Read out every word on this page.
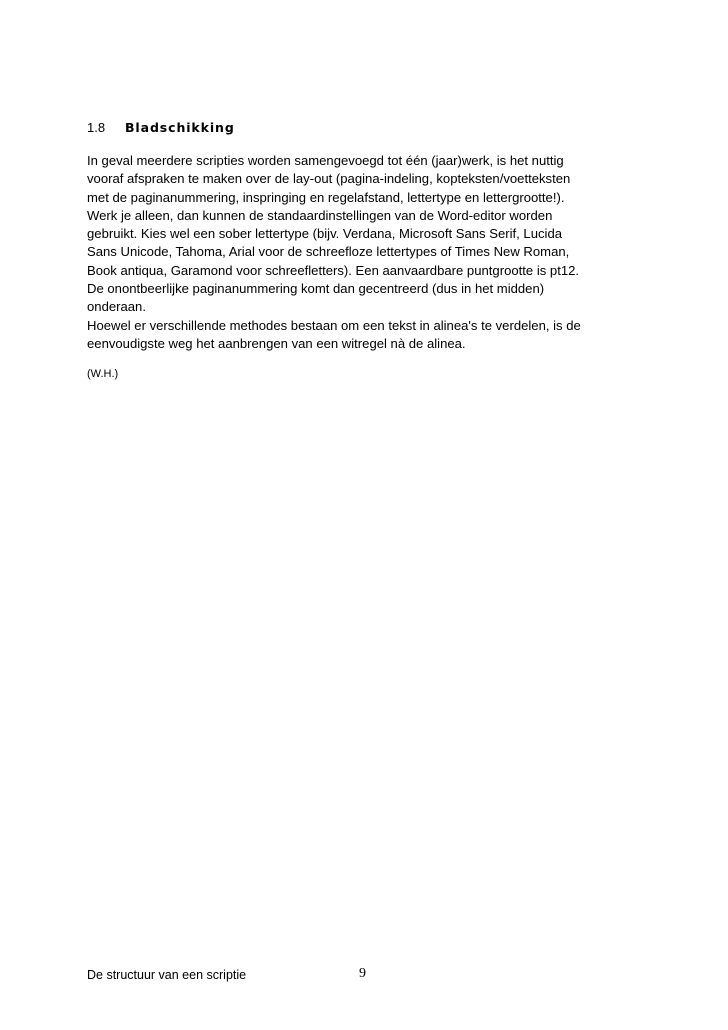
1.8 Bladschikking
In geval meerdere scripties worden samengevoegd tot één (jaar)werk, is het nuttig
vooraf afspraken te maken over de lay-out (pagina-indeling, kopteksten/voetteksten
met de paginanummering, inspringing en regelafstand, lettertype en lettergrootte!).
Werk je alleen, dan kunnen de standaardinstellingen van de Word-editor worden
gebruikt. Kies wel een sober lettertype (bijv. Verdana, Microsoft Sans Serif, Lucida
Sans Unicode, Tahoma, Arial voor de schreefloze lettertypes of Times New Roman,
Book antiqua, Garamond voor schreefletters). Een aanvaardbare puntgrootte is pt12.
De onontbeerlijke paginanummering komt dan gecentreerd (dus in het midden)
onderaan.
Hoewel er verschillende methodes bestaan om een tekst in alinea's te verdelen, is de
eenvoudigste weg het aanbrengen van een witregel nà de alinea.
(W.H.)
De structuur van een scriptie	9
